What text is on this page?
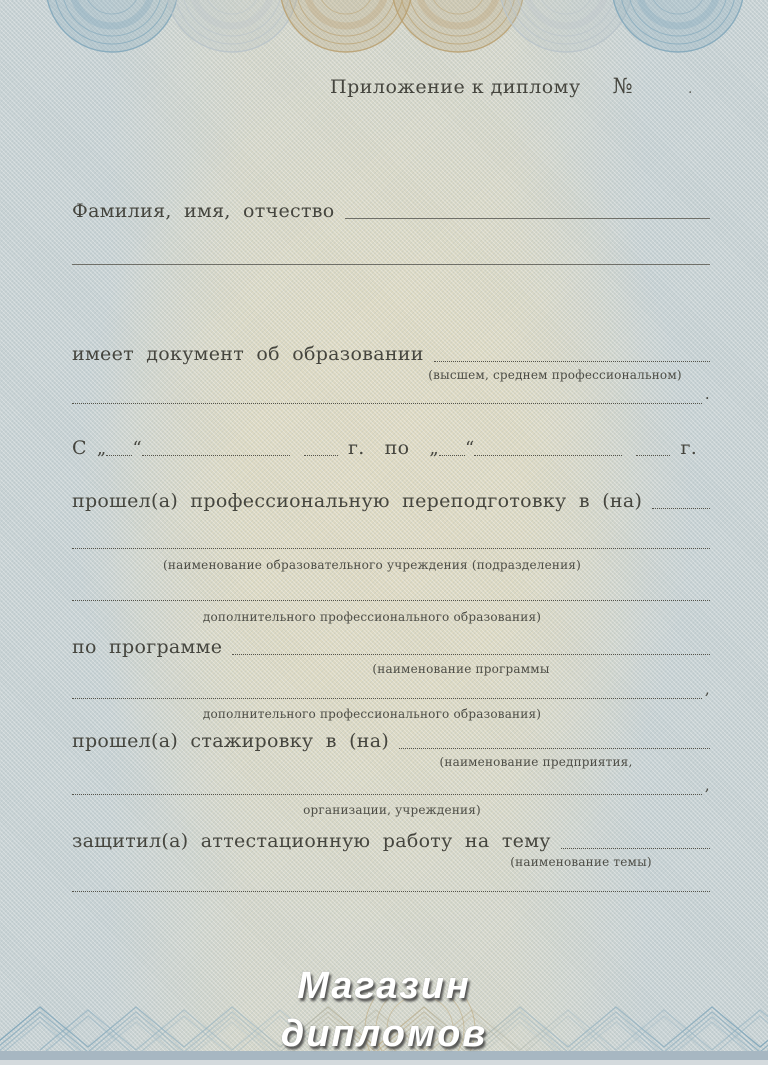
Приложение к диплому №	.
Фамилия, имя, отчество
имеет документ об образовании
(высшем, среднем профессиональном)
.
С „ “	г. по „ “	г.
прошел(а) профессиональную переподготовку в (на)
(наименование образовательного учреждения (подразделения)
дополнительного профессионального образования)
по программе
(наименование программы
,
дополнительного профессионального образования)
прошел(а) стажировку в (на)
(наименование предприятия,
,
организации, учреждения)
защитил(а) аттестационную работу на тему
(наименование темы)
Магазин
дипломов
